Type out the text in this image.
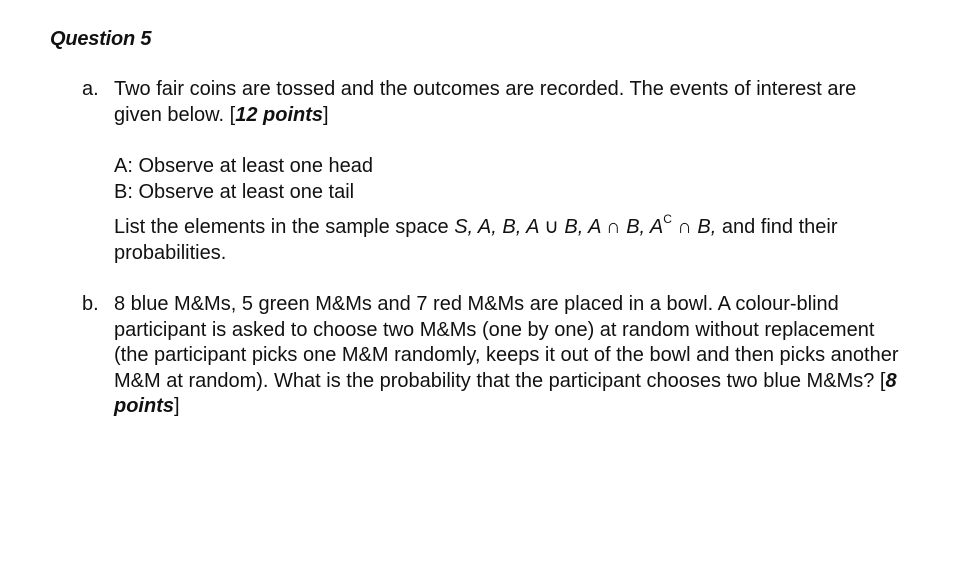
Question 5
a. Two fair coins are tossed and the outcomes are recorded. The events of interest are given below. [12 points]

A: Observe at least one head

B: Observe at least one tail

List the elements in the sample space S, A, B, A ∪ B, A ∩ B, $A^C$ ∩ B, and find their probabilities.

b. 8 blue M&Ms, 5 green M&Ms and 7 red M&Ms are placed in a bowl. A colour-blind participant is asked to choose two M&Ms (one by one) at random without replacement (the participant picks one M&M randomly, keeps it out of the bowl and then picks another M&M at random). What is the probability that the participant chooses two blue M&Ms? [8 points]
